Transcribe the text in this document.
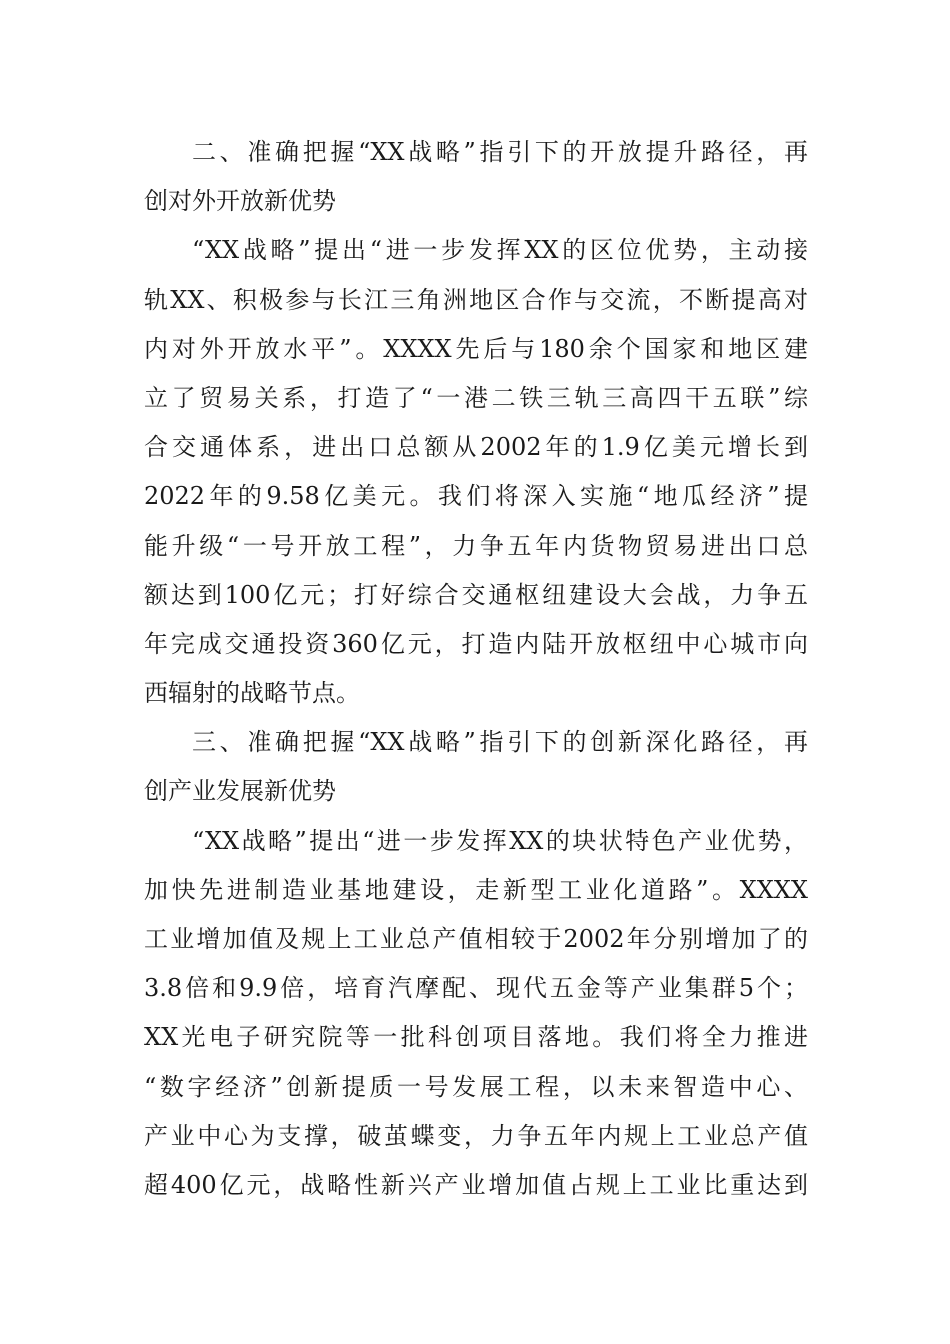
二、准确把握“XX战略”指引下的开放提升路径，再
创对外开放新优势
“XX战略”提出“进一步发挥XX的区位优势，主动接
轨XX、积极参与长江三角洲地区合作与交流，不断提高对
内对外开放水平”。XXXX先后与180余个国家和地区建
立了贸易关系，打造了“一港二铁三轨三高四干五联”综
合交通体系，进出口总额从2002年的1.9亿美元增长到
2022年的9.58亿美元。我们将深入实施“地瓜经济”提
能升级“一号开放工程”，力争五年内货物贸易进出口总
额达到100亿元；打好综合交通枢纽建设大会战，力争五
年完成交通投资360亿元，打造内陆开放枢纽中心城市向
西辐射的战略节点。
三、准确把握“XX战略”指引下的创新深化路径，再
创产业发展新优势
“XX战略”提出“进一步发挥XX的块状特色产业优势，
加快先进制造业基地建设，走新型工业化道路”。XXXX
工业增加值及规上工业总产值相较于2002年分别增加了的
3.8倍和9.9倍，培育汽摩配、现代五金等产业集群5个；
XX光电子研究院等一批科创项目落地。我们将全力推进
“数字经济”创新提质一号发展工程，以未来智造中心、
产业中心为支撑，破茧蝶变，力争五年内规上工业总产值
超400亿元，战略性新兴产业增加值占规上工业比重达到
